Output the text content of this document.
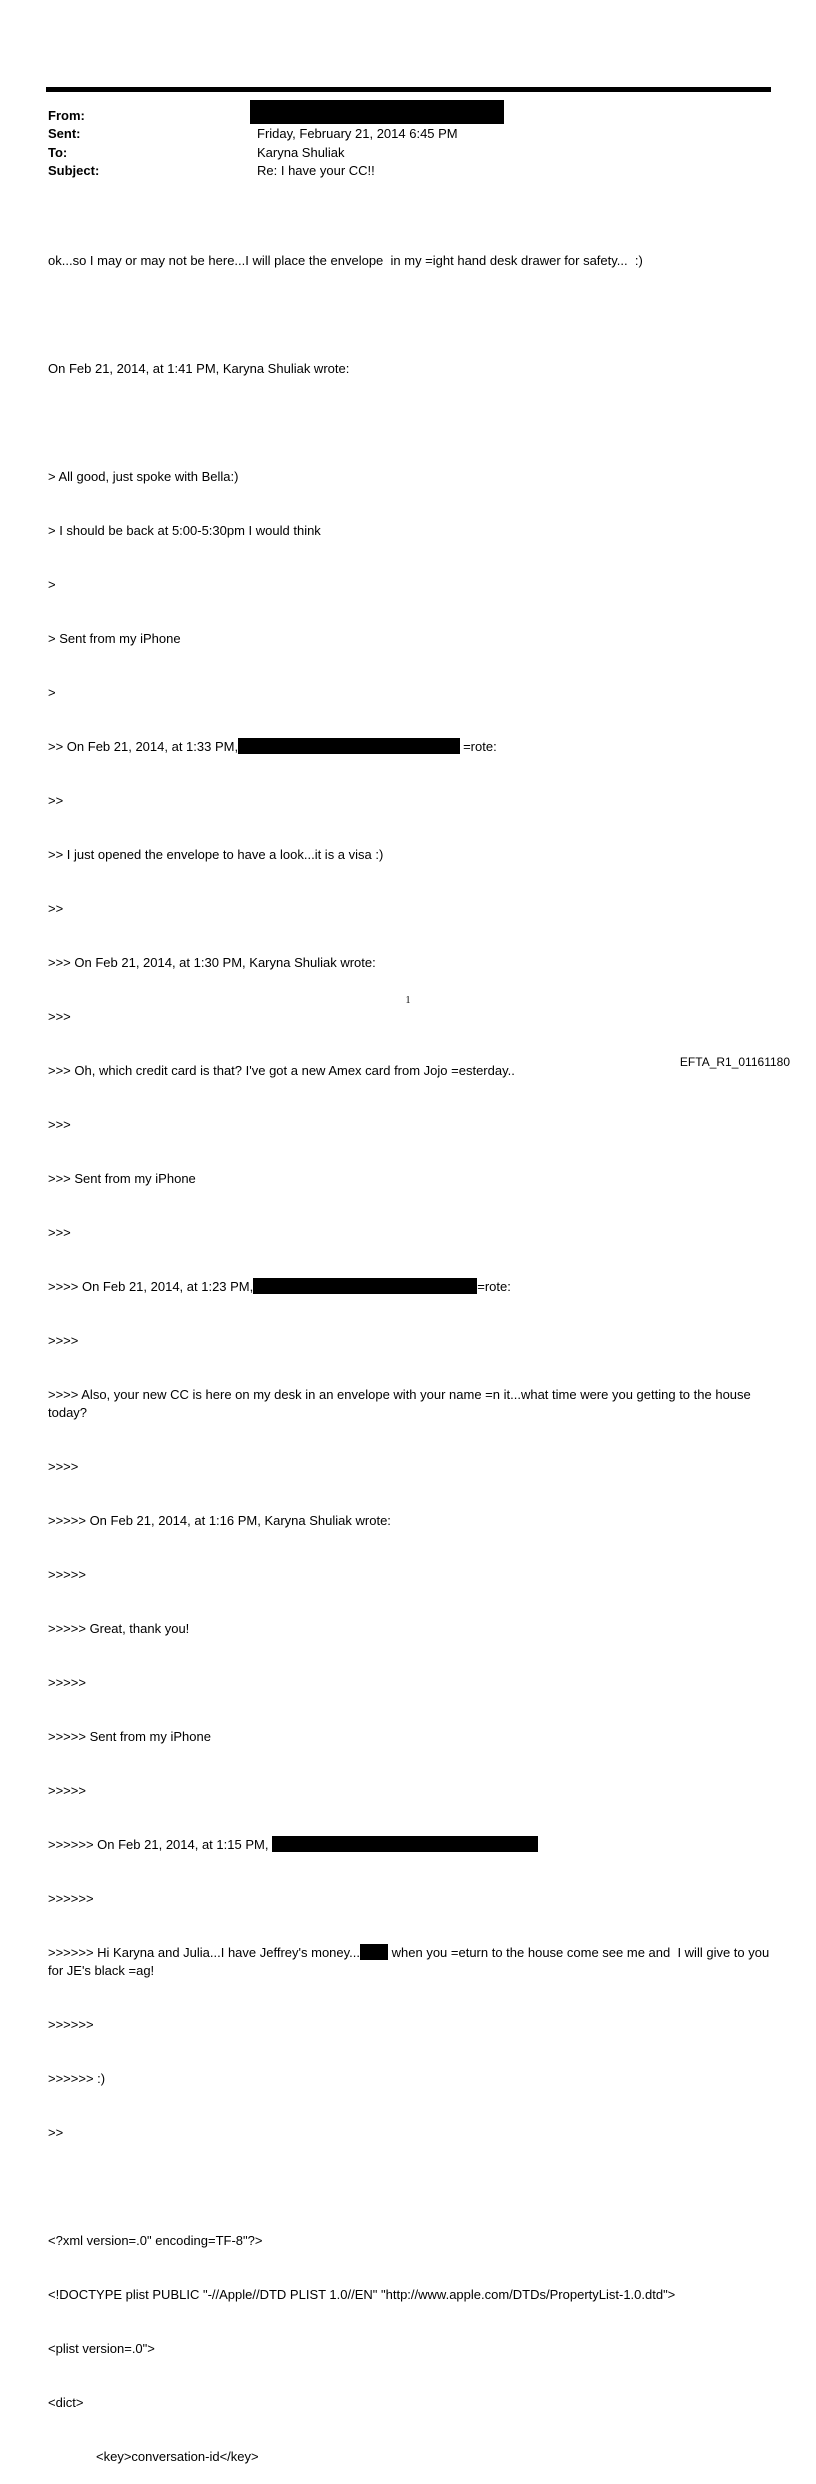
From:
Sent:	Friday, February 21, 2014 6:45 PM
To:	Karyna Shuliak
Subject:	Re: I have your CC!!

ok...so I may or may not be here...I will place the envelope  in my =ight hand desk drawer for safety...  :)

On Feb 21, 2014, at 1:41 PM, Karyna Shuliak wrote:

> All good, just spoke with Bella:)

> I should be back at 5:00-5:30pm I would think

>

> Sent from my iPhone

>

>> On Feb 21, 2014, at 1:33 PM,	=rote:

>>

>> I just opened the envelope to have a look...it is a visa :)

>>

>>> On Feb 21, 2014, at 1:30 PM, Karyna Shuliak wrote:

>>>

>>> Oh, which credit card is that? I've got a new Amex card from Jojo =esterday..

>>>

>>> Sent from my iPhone

>>>

>>>> On Feb 21, 2014, at 1:23 PM,	=rote:

>>>>

>>>> Also, your new CC is here on my desk in an envelope with your name =n it...what time were you getting to the house today?

>>>>

>>>>> On Feb 21, 2014, at 1:16 PM, Karyna Shuliak wrote:

>>>>>

>>>>> Great, thank you!

>>>>>

>>>>> Sent from my iPhone

>>>>>

>>>>>> On Feb 21, 2014, at 1:15 PM,

>>>>>>

>>>>>> Hi Karyna and Julia...I have Jeffrey's money... when you =eturn to the house come see me and  I will give to you for JE's black =ag!

>>>>>>

>>>>>> :)

>>

<?xml version=.0" encoding=TF-8"?>

<!DOCTYPE plist PUBLIC "-//Apple//DTD PLIST 1.0//EN" "http://www.apple.com/DTDs/PropertyList-1.0.dtd">

<plist version=.0">

<dict>

<key>conversation-id</key>

1
EFTA_R1_01161180
